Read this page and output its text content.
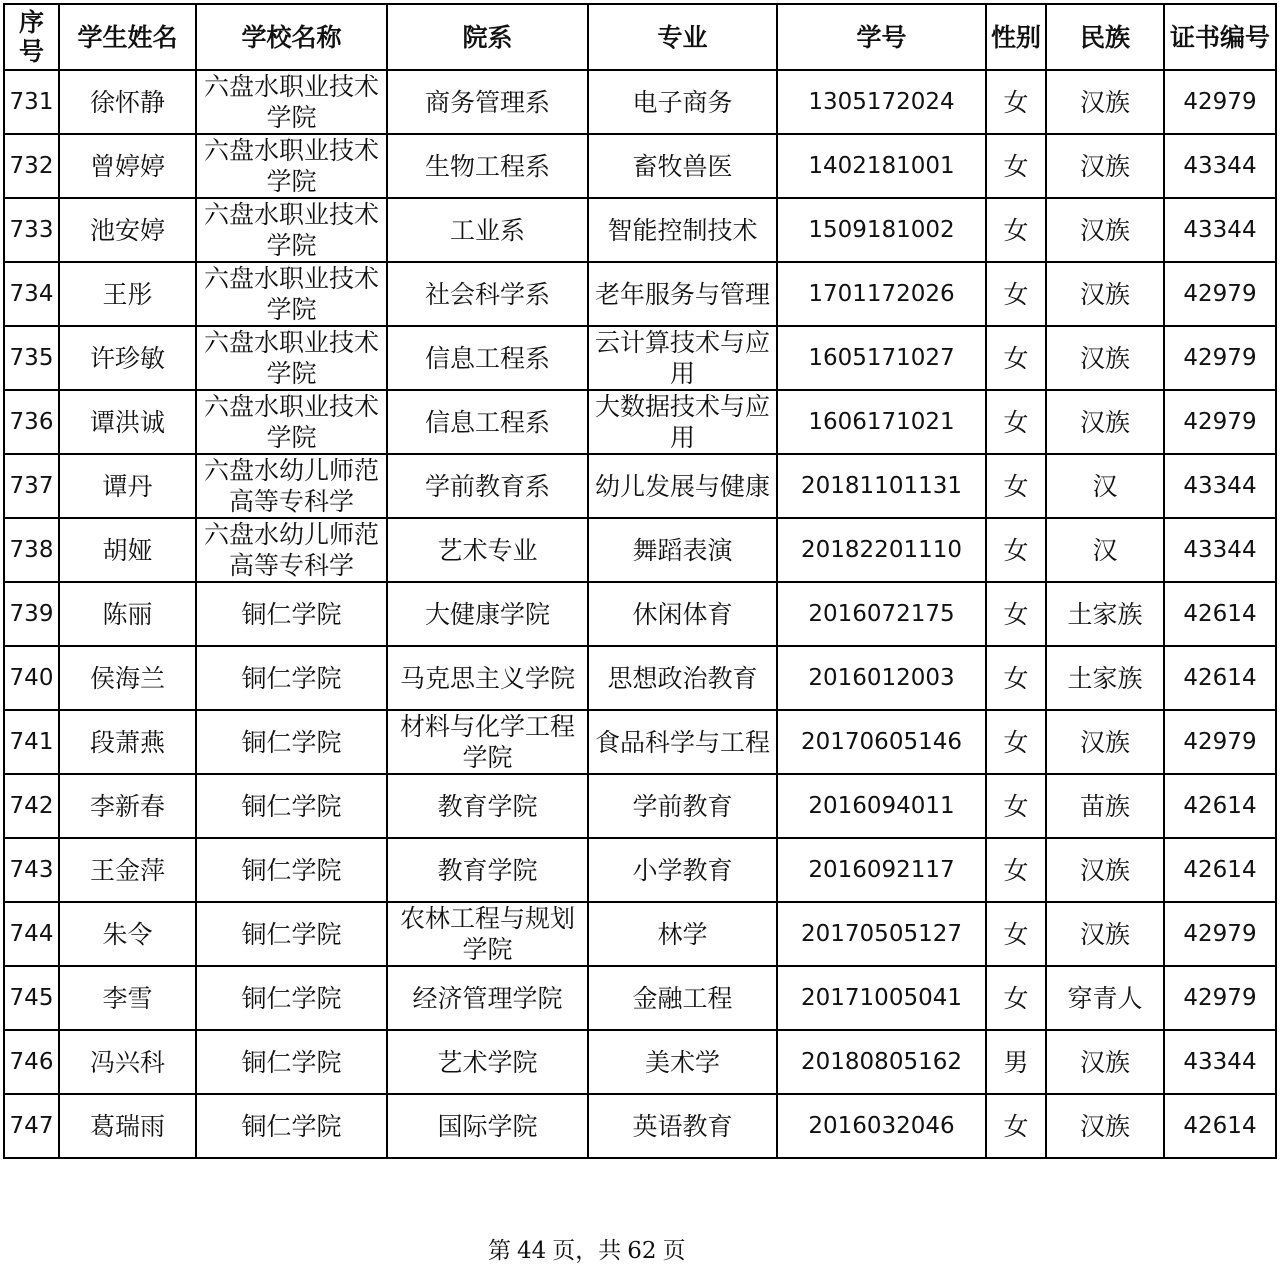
序号	学生姓名	学校名称	院系	专业	学号	性别	民族	证书编号
731	徐怀静	六盘水职业技术学院	商务管理系	电子商务	1305172024	女	汉族	42979
732	曾婷婷	六盘水职业技术学院	生物工程系	畜牧兽医	1402181001	女	汉族	43344
733	池安婷	六盘水职业技术学院	工业系	智能控制技术	1509181002	女	汉族	43344
734	王彤	六盘水职业技术学院	社会科学系	老年服务与管理	1701172026	女	汉族	42979
735	许珍敏	六盘水职业技术学院	信息工程系	云计算技术与应用	1605171027	女	汉族	42979
736	谭洪诚	六盘水职业技术学院	信息工程系	大数据技术与应用	1606171021	女	汉族	42979
737	谭丹	六盘水幼儿师范高等专科学	学前教育系	幼儿发展与健康	20181101131	女	汉	43344
738	胡娅	六盘水幼儿师范高等专科学	艺术专业	舞蹈表演	20182201110	女	汉	43344
739	陈丽	铜仁学院	大健康学院	休闲体育	2016072175	女	土家族	42614
740	侯海兰	铜仁学院	马克思主义学院	思想政治教育	2016012003	女	土家族	42614
741	段萧燕	铜仁学院	材料与化学工程学院	食品科学与工程	20170605146	女	汉族	42979
742	李新春	铜仁学院	教育学院	学前教育	2016094011	女	苗族	42614
743	王金萍	铜仁学院	教育学院	小学教育	2016092117	女	汉族	42614
744	朱令	铜仁学院	农林工程与规划学院	林学	20170505127	女	汉族	42979
745	李雪	铜仁学院	经济管理学院	金融工程	20171005041	女	穿青人	42979
746	冯兴科	铜仁学院	艺术学院	美术学	20180805162	男	汉族	43344
747	葛瑞雨	铜仁学院	国际学院	英语教育	2016032046	女	汉族	42614
第 44 页，共 62 页
